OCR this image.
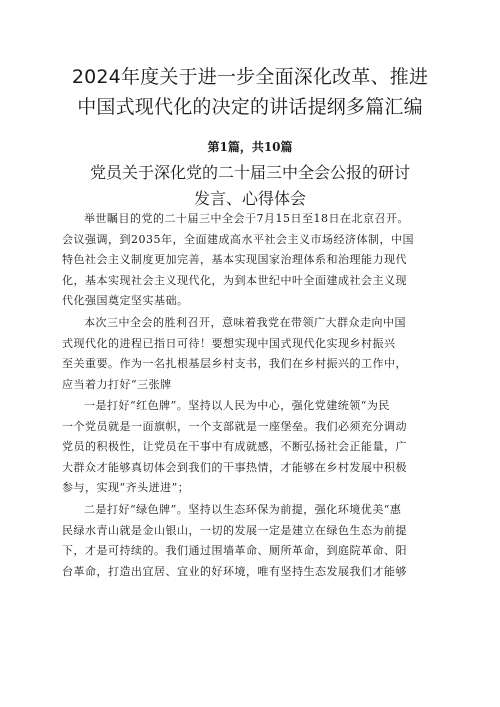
2024年度关于进一步全面深化改革、推进
中国式现代化的决定的讲话提纲多篇汇编
第1篇，共10篇
党员关于深化党的二十届三中全会公报的研讨
发言、心得体会
举世瞩目的党的二十届三中全会于7月15日至18日在北京召开。
会议强调，到2035年，全面建成高水平社会主义市场经济体制，中国
特色社会主义制度更加完善，基本实现国家治理体系和治理能力现代
化，基本实现社会主义现代化，为到本世纪中叶全面建成社会主义现
代化强国奠定坚实基础。
本次三中全会的胜利召开，意味着我党在带领广大群众走向中国
式现代化的进程已指日可待！要想实现中国式现代化实现乡村振兴
至关重要。作为一名扎根基层乡村支书，我们在乡村振兴的工作中，
应当着力打好“三张牌
一是打好“红色牌”。坚持以人民为中心，强化党建统领“为民
一个党员就是一面旗帜，一个支部就是一座堡垒。我们必须充分调动
党员的积极性，让党员在干事中有成就感，不断弘扬社会正能量，广
大群众才能够真切体会到我们的干事热情，才能够在乡村发展中积极
参与，实现“齐头迸进”；
二是打好“绿色牌”。坚持以生态环保为前提，强化环境优美“惠
民绿水青山就是金山银山，一切的发展一定是建立在绿色生态为前提
下，才是可持续的。我们通过围墙革命、厕所革命，到庭院革命、阳
台革命，打造出宜居、宜业的好环境，唯有坚持生态发展我们才能够
